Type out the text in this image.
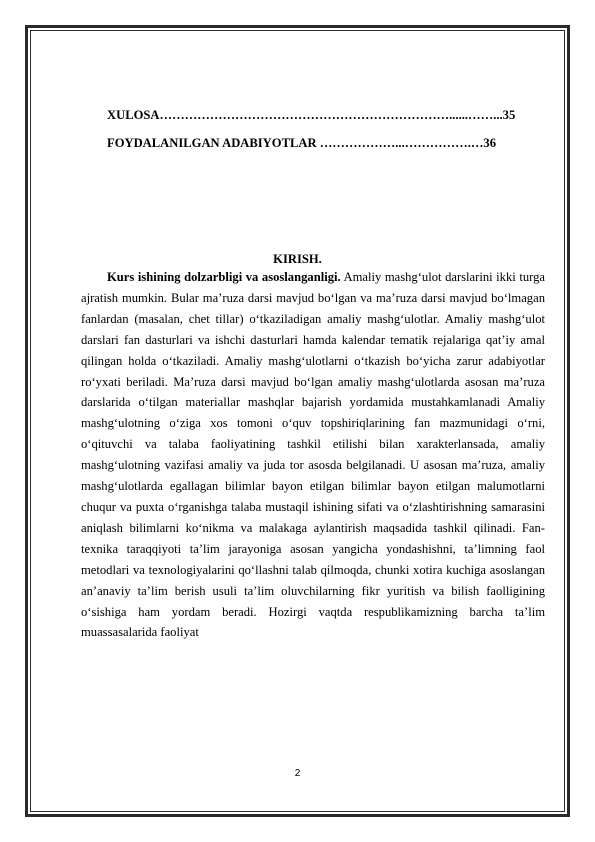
XULOSA……………………………………………………………......……...35
FOYDALANILGAN ADABIYOTLAR ………………...…………….…36
KIRISH.

Kurs ishining dolzarbligi va asoslanganligi. Amaliy mashg‘ulot darslarini ikki turga ajratish mumkin. Bular ma’ruza darsi mavjud bo‘lgan va ma’ruza darsi mavjud bo‘lmagan fanlardan (masalan, chet tillar) o‘tkaziladigan amaliy mashg‘ulotlar. Amaliy mashg‘ulot darslari fan dasturlari va ishchi dasturlari hamda kalendar tematik rejalariga qat’iy amal qilingan holda o‘tkaziladi. Amaliy mashg‘ulotlarni o‘tkazish bo‘yicha zarur adabiyotlar ro‘yxati beriladi. Ma’ruza darsi mavjud bo‘lgan amaliy mashg‘ulotlarda asosan ma’ruza darslarida o‘tilgan materiallar mashqlar bajarish yordamida mustahkamlanadi Amaliy mashg‘ulotning o‘ziga xos tomoni o‘quv topshiriqlarining fan mazmunidagi o‘rni, o‘qituvchi va talaba faoliyatining tashkil etilishi bilan xarakterlansada, amaliy mashg‘ulotning vazifasi amaliy va juda tor asosda belgilanadi. U asosan ma’ruza, amaliy mashg‘ulotlarda egallagan bilimlar bayon etilgan bilimlar bayon etilgan malumotlarni chuqur va puxta o‘rganishga talaba mustaqil ishining sifati va o‘zlashtirishning samarasini aniqlash bilimlarni ko‘nikma va malakaga aylantirish maqsadida tashkil qilinadi. Fan-texnika taraqqiyoti ta’lim jarayoniga asosan yangicha yondashishni, ta’limning faol metodlari va texnologiyalarini qo‘llashni talab qilmoqda, chunki xotira kuchiga asoslangan an’anaviy ta’lim berish usuli ta’lim oluvchilarning fikr yuritish va bilish faolligining o‘sishiga ham yordam beradi. Hozirgi vaqtda respublikamizning barcha ta’lim muassasalarida faoliyat

2
